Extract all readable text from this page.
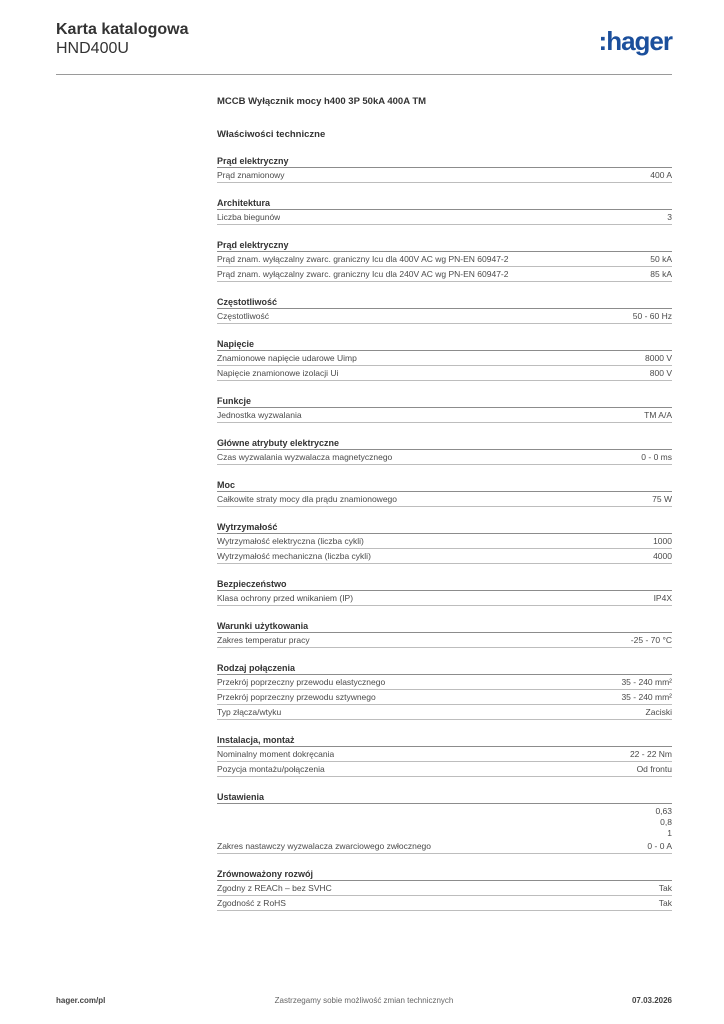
Karta katalogowa
HND400U	:hager
MCCB Wyłącznik mocy h400 3P 50kA 400A TM
Właściwości techniczne
Prąd elektryczny
Prąd znamionowy	400 A
Architektura
Liczba biegunów	3
Prąd elektryczny
Prąd znam. wyłączalny zwarc. graniczny Icu dla 400V AC wg PN-EN 60947-2	50 kA
Prąd znam. wyłączalny zwarc. graniczny Icu dla 240V AC wg PN-EN 60947-2	85 kA
Częstotliwość
Częstotliwość	50 - 60 Hz
Napięcie
Znamionowe napięcie udarowe Uimp	8000 V
Napięcie znamionowe izolacji Ui	800 V
Funkcje
Jednostka wyzwalania	TM A/A
Główne atrybuty elektryczne
Czas wyzwalania wyzwalacza magnetycznego	0 - 0 ms
Moc
Całkowite straty mocy dla prądu znamionowego	75 W
Wytrzymałość
Wytrzymałość elektryczna (liczba cykli)	1000
Wytrzymałość mechaniczna (liczba cykli)	4000
Bezpieczeństwo
Klasa ochrony przed wnikaniem (IP)	IP4X
Warunki użytkowania
Zakres temperatur pracy	-25 - 70 °C
Rodzaj połączenia
Przekrój poprzeczny przewodu elastycznego	35 - 240 mm²
Przekrój poprzeczny przewodu sztywnego	35 - 240 mm²
Typ złącza/wtyku	Zaciski
Instalacja, montaż
Nominalny moment dokręcania	22 - 22 Nm
Pozycja montażu/połączenia	Od frontu
Ustawienia
0,63
0,8
1
Zakres nastawczy wyzwalacza zwarciowego zwłocznego	0 - 0 A
Zrównoważony rozwój
Zgodny z REACh – bez SVHC	Tak
Zgodność z RoHS	Tak
hager.com/pl	Zastrzegamy sobie możliwość zmian technicznych	07.03.2026
